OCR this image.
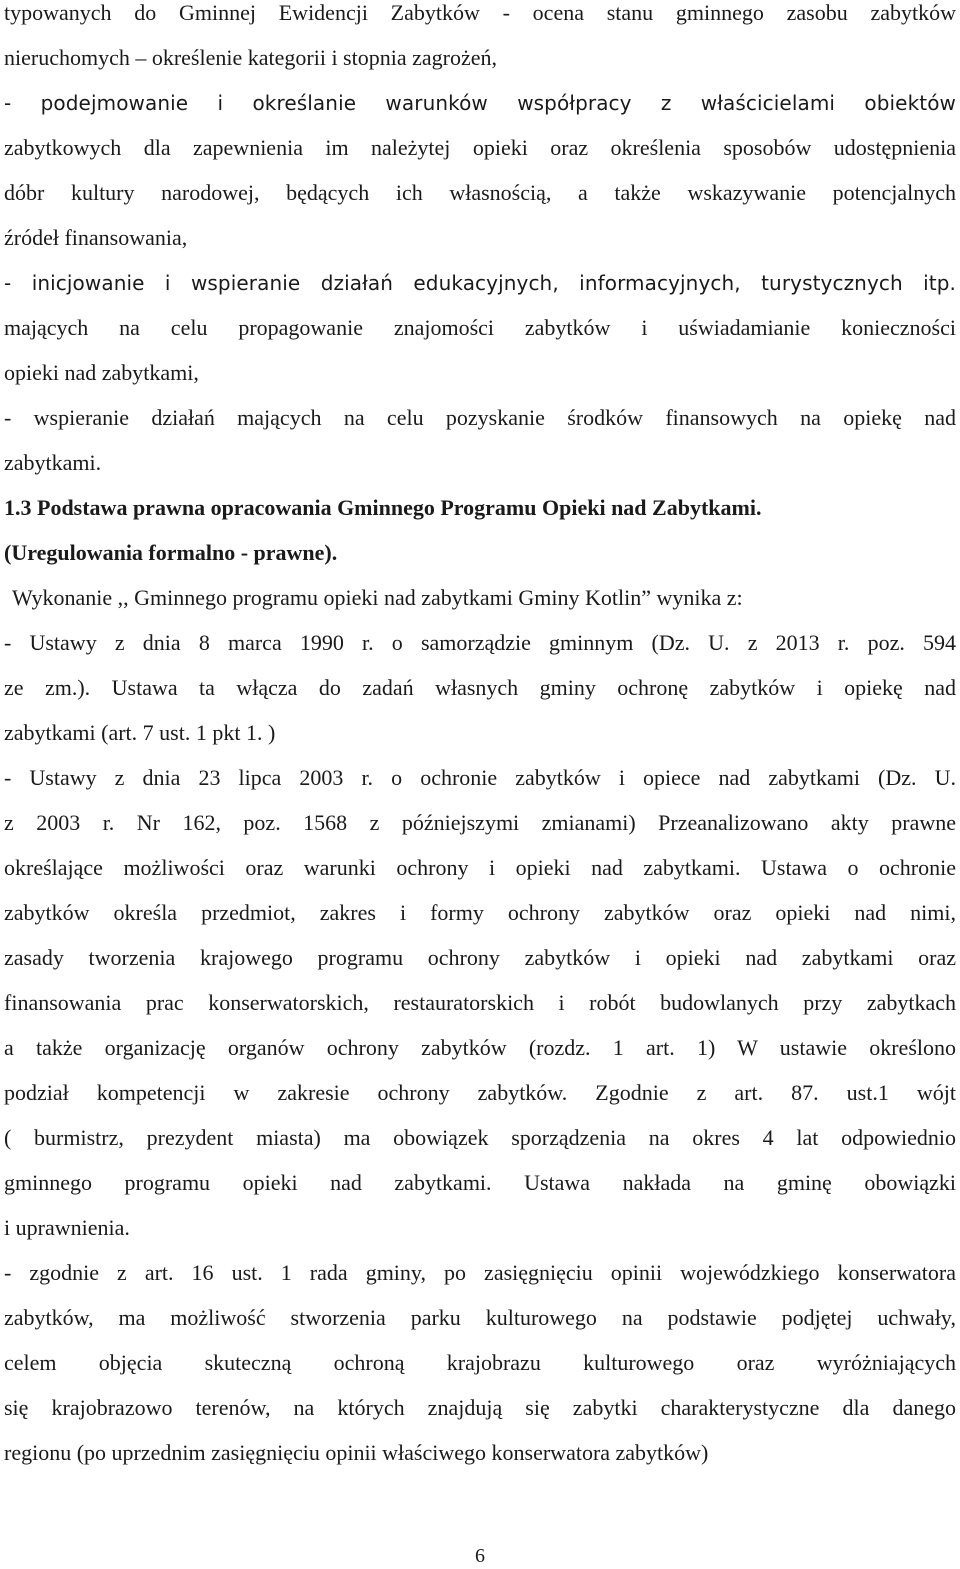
typowanych do Gminnej Ewidencji Zabytków - ocena stanu gminnego zasobu zabytków
nieruchomych – określenie kategorii i stopnia zagrożeń,
- podejmowanie i określanie warunków współpracy z właścicielami obiektów
zabytkowych dla zapewnienia im należytej opieki oraz określenia sposobów udostępnienia
dóbr kultury narodowej, będących ich własnością, a także wskazywanie potencjalnych
źródeł finansowania,
- inicjowanie i wspieranie działań edukacyjnych, informacyjnych, turystycznych itp.
mających na celu propagowanie znajomości zabytków i uświadamianie konieczności
opieki nad zabytkami,
- wspieranie działań mających na celu pozyskanie środków finansowych na opiekę nad
zabytkami.
1.3 Podstawa prawna opracowania Gminnego Programu Opieki nad Zabytkami.
(Uregulowania formalno - prawne).
Wykonanie ,, Gminnego programu opieki nad zabytkami Gminy Kotlin” wynika z:
- Ustawy z dnia 8 marca 1990 r. o samorządzie gminnym (Dz. U. z 2013 r. poz. 594
ze zm.). Ustawa ta włącza do zadań własnych gminy ochronę zabytków i opiekę nad
zabytkami (art. 7 ust. 1 pkt 1. )
- Ustawy z dnia 23 lipca 2003 r. o ochronie zabytków i opiece nad zabytkami (Dz. U.
z 2003 r. Nr 162, poz. 1568 z późniejszymi zmianami) Przeanalizowano akty prawne
określające możliwości oraz warunki ochrony i opieki nad zabytkami. Ustawa o ochronie
zabytków określa przedmiot, zakres i formy ochrony zabytków oraz opieki nad nimi,
zasady tworzenia krajowego programu ochrony zabytków i opieki nad zabytkami oraz
finansowania prac konserwatorskich, restauratorskich i robót budowlanych przy zabytkach
a także organizację organów ochrony zabytków (rozdz. 1 art. 1) W ustawie określono
podział kompetencji w zakresie ochrony zabytków. Zgodnie z art. 87. ust.1 wójt
( burmistrz, prezydent miasta) ma obowiązek sporządzenia na okres 4 lat odpowiednio
gminnego programu opieki nad zabytkami. Ustawa nakłada na gminę obowiązki
i uprawnienia.
- zgodnie z art. 16 ust. 1 rada gminy, po zasięgnięciu opinii wojewódzkiego konserwatora
zabytków, ma możliwość stworzenia parku kulturowego na podstawie podjętej uchwały,
celem objęcia skuteczną ochroną krajobrazu kulturowego oraz wyróżniających
się krajobrazowo terenów, na których znajdują się zabytki charakterystyczne dla danego
regionu (po uprzednim zasięgnięciu opinii właściwego konserwatora zabytków)
6
